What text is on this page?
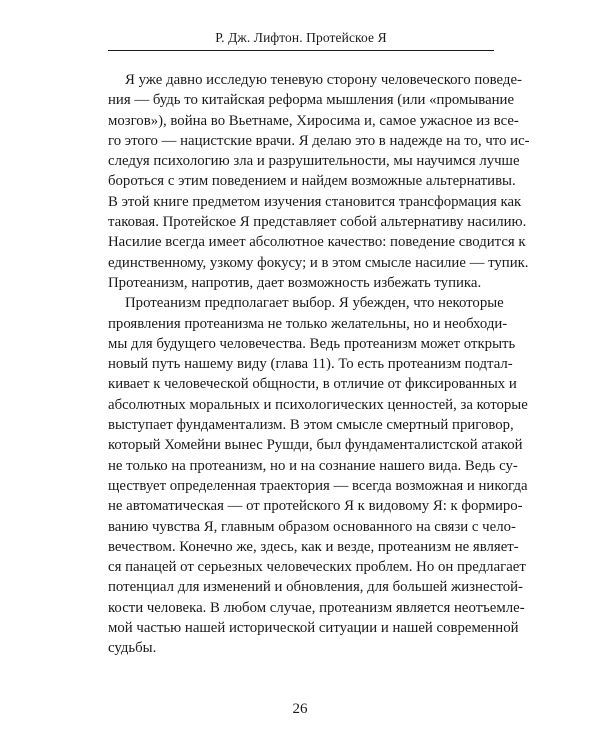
Р. Дж. Лифтон. Протейское Я

Я уже давно исследую теневую сторону человеческого поведе-
ния — будь то китайская реформа мышления (или «промывание
мозгов»), война во Вьетнаме, Хиросима и, самое ужасное из все-
го этого — нацистские врачи. Я делаю это в надежде на то, что ис-
следуя психологию зла и разрушительности, мы научимся лучше
бороться с этим поведением и найдем возможные альтернативы.
В этой книге предметом изучения становится трансформация как
таковая. Протейское Я представляет собой альтернативу насилию.
Насилие всегда имеет абсолютное качество: поведение сводится к
единственному, узкому фокусу; и в этом смысле насилие — тупик.
Протеанизм, напротив, дает возможность избежать тупика.

Протеанизм предполагает выбор. Я убежден, что некоторые
проявления протеанизма не только желательны, но и необходи-
мы для будущего человечества. Ведь протеанизм может открыть
новый путь нашему виду (глава 11). То есть протеанизм подтал-
кивает к человеческой общности, в отличие от фиксированных и
абсолютных моральных и психологических ценностей, за которые
выступает фундаментализм. В этом смысле смертный приговор,
который Хомейни вынес Рушди, был фундаменталистской атакой
не только на протеанизм, но и на сознание нашего вида. Ведь су-
ществует определенная траектория — всегда возможная и никогда
не автоматическая — от протейского Я к видовому Я: к формиро-
ванию чувства Я, главным образом основанного на связи с чело-
вечеством. Конечно же, здесь, как и везде, протеанизм не являет-
ся панацей от серьезных человеческих проблем. Но он предлагает
потенциал для изменений и обновления, для большей жизнестой-
кости человека. В любом случае, протеанизм является неотъемле-
мой частью нашей исторической ситуации и нашей современной
судьбы.

26
